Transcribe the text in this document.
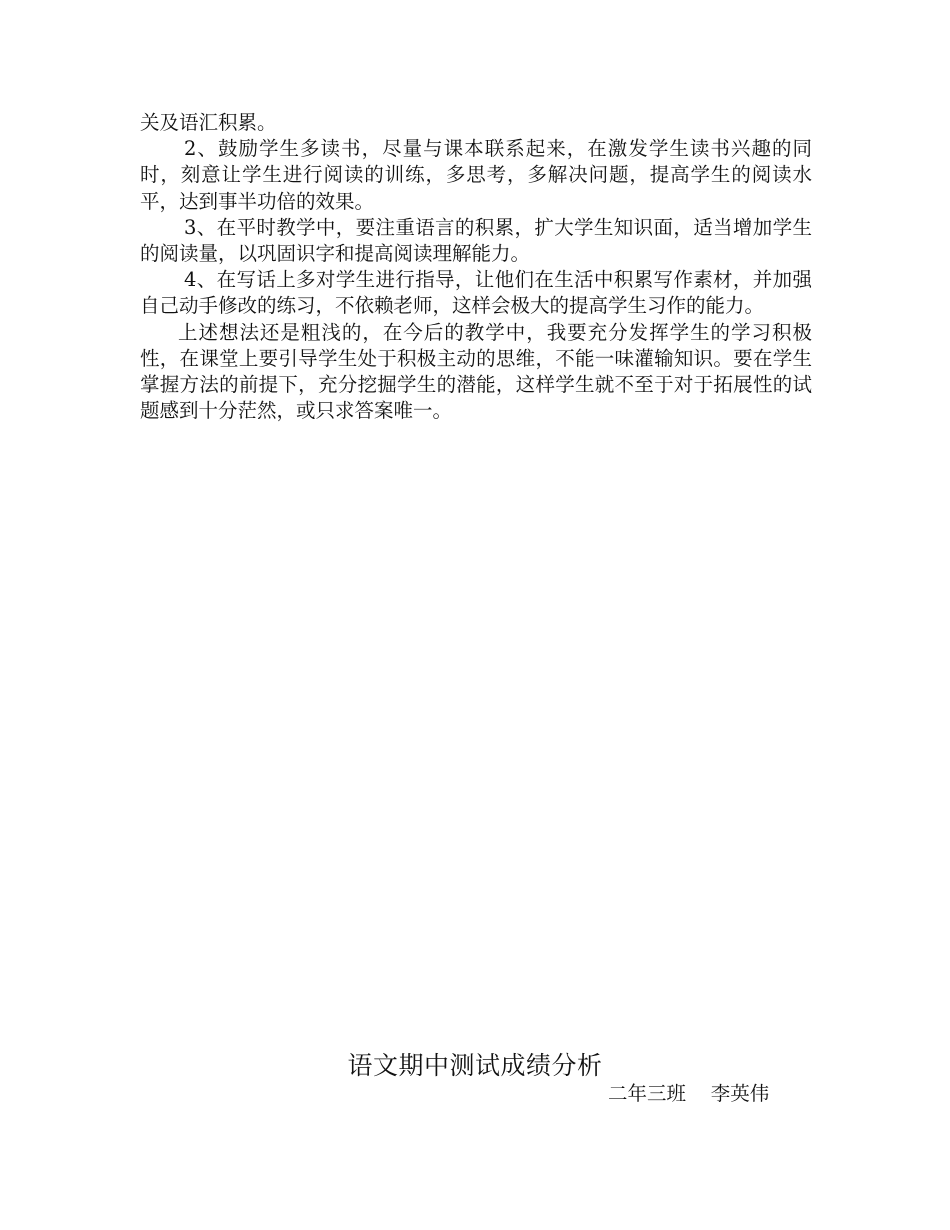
关及语汇积累。

2、鼓励学生多读书，尽量与课本联系起来，在激发学生读书兴趣的同时，刻意让学生进行阅读的训练，多思考，多解决问题，提高学生的阅读水平，达到事半功倍的效果。

3、在平时教学中，要注重语言的积累，扩大学生知识面，适当增加学生的阅读量，以巩固识字和提高阅读理解能力。

4、在写话上多对学生进行指导，让他们在生活中积累写作素材，并加强自己动手修改的练习，不依赖老师，这样会极大的提高学生习作的能力。

上述想法还是粗浅的，在今后的教学中，我要充分发挥学生的学习积极性，在课堂上要引导学生处于积极主动的思维，不能一味灌输知识。要在学生掌握方法的前提下，充分挖掘学生的潜能，这样学生就不至于对于拓展性的试题感到十分茫然，或只求答案唯一。

语文期中测试成绩分析
二年三班    李英伟
